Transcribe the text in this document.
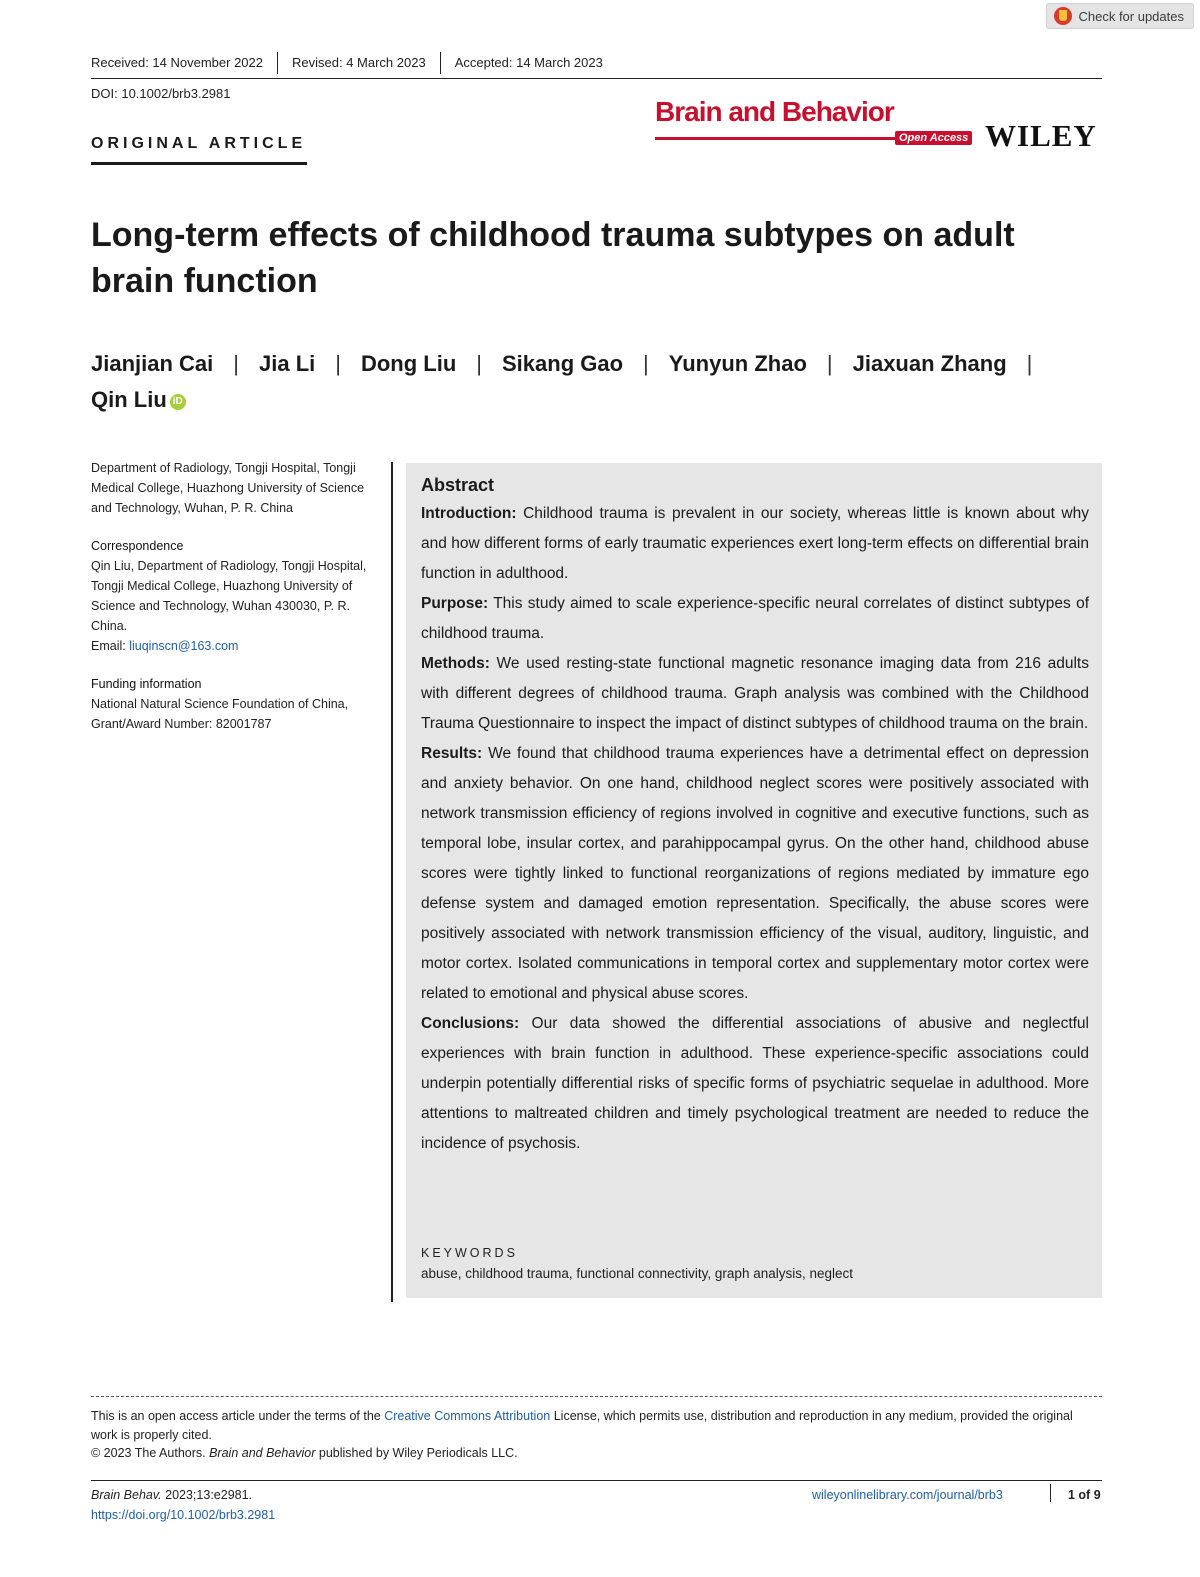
Check for updates
Received: 14 November 2022 Revised: 4 March 2023 Accepted: 14 March 2023
DOI: 10.1002/brb3.2981
ORIGINAL ARTICLE
Brain and Behavior
Open Access WILEY
Long-term effects of childhood trauma subtypes on adult brain function
Jianjian Cai | Jia Li | Dong Liu | Sikang Gao | Yunyun Zhao | Jiaxuan Zhang |
Qin Liu iD

Department of Radiology, Tongji Hospital, Tongji Medical College, Huazhong University of Science and Technology, Wuhan, P. R. China

Correspondence
Qin Liu, Department of Radiology, Tongji Hospital, Tongji Medical College, Huazhong University of Science and Technology, Wuhan 430030, P. R. China.
Email: liuqinscn@163.com

Funding information
National Natural Science Foundation of China, Grant/Award Number: 82001787

Abstract

Introduction: Childhood trauma is prevalent in our society, whereas little is known about why and how different forms of early traumatic experiences exert long-term effects on differential brain function in adulthood.

Purpose: This study aimed to scale experience-specific neural correlates of distinct subtypes of childhood trauma.

Methods: We used resting-state functional magnetic resonance imaging data from 216 adults with different degrees of childhood trauma. Graph analysis was combined with the Childhood Trauma Questionnaire to inspect the impact of distinct subtypes of childhood trauma on the brain.

Results: We found that childhood trauma experiences have a detrimental effect on depression and anxiety behavior. On one hand, childhood neglect scores were positively associated with network transmission efficiency of regions involved in cognitive and executive functions, such as temporal lobe, insular cortex, and parahippocampal gyrus. On the other hand, childhood abuse scores were tightly linked to functional reorganizations of regions mediated by immature ego defense system and damaged emotion representation. Specifically, the abuse scores were positively associated with network transmission efficiency of the visual, auditory, linguistic, and motor cortex. Isolated communications in temporal cortex and supplementary motor cortex were related to emotional and physical abuse scores.

Conclusions: Our data showed the differential associations of abusive and neglectful experiences with brain function in adulthood. These experience-specific associations could underpin potentially differential risks of specific forms of psychiatric sequelae in adulthood. More attentions to maltreated children and timely psychological treatment are needed to reduce the incidence of psychosis.

KEYWORDS
abuse, childhood trauma, functional connectivity, graph analysis, neglect
This is an open access article under the terms of the Creative Commons Attribution License, which permits use, distribution and reproduction in any medium, provided the original work is properly cited.
© 2023 The Authors. Brain and Behavior published by Wiley Periodicals LLC.
Brain Behav. 2023;13:e2981.
https://doi.org/10.1002/brb3.2981
wileyonlinelibrary.com/journal/brb3	1 of 9
